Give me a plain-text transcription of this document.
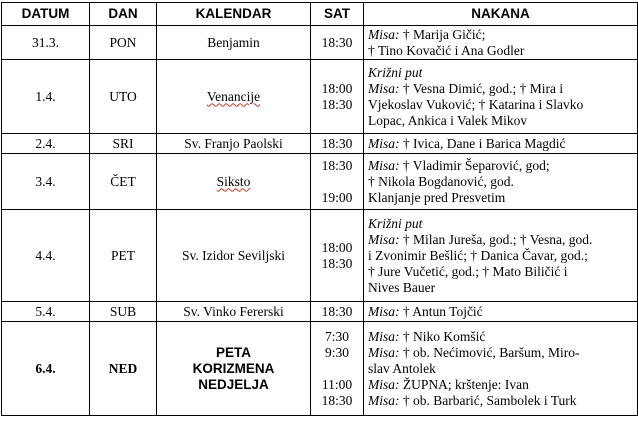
DATUM	DAN	KALENDAR	SAT	NAKANA
31.3.	PON	Benjamin	18:30	Misa: † Marija Gičić;
† Tino Kovačić i Ana Godler

1.4.	UTO	Venancije	18:00
18:30	Križni put
Misa: † Vesna Dimić, god.; † Mira i
Vjekoslav Vuković; † Katarina i Slavko
Lopac, Ankica i Valek Mikov

2.4.	SRI	Sv. Franjo Paolski	18:30	Misa: † Ivica, Dane i Barica Magdić

3.4.	ČET	Siksto	18:30
19:00	Misa: † Vladimir Šeparović, god;
† Nikola Bogdanović, god.
Klanjanje pred Presvetim

4.4.	PET	Sv. Izidor Seviljski	18:00
18:30	Križni put
Misa: † Milan Jureša, god.; † Vesna, god.
i Zvonimir Bešlić; † Danica Čavar, god.;
† Jure Vučetić, god.; † Mato Biličić i
Nives Bauer

5.4.	SUB	Sv. Vinko Fererski	18:30	Misa: † Antun Tojčić

6.4.	NED	PETA
KORIZMENA
NEDJELJA	7:30
9:30
11:00
18:30	Misa: † Niko Komšić
Misa: † ob. Nećimović, Baršum, Miro-
slav Antolek
Misa: ŽUPNA; krštenje: Ivan
Misa: † ob. Barbarić, Sambolek i Turk
